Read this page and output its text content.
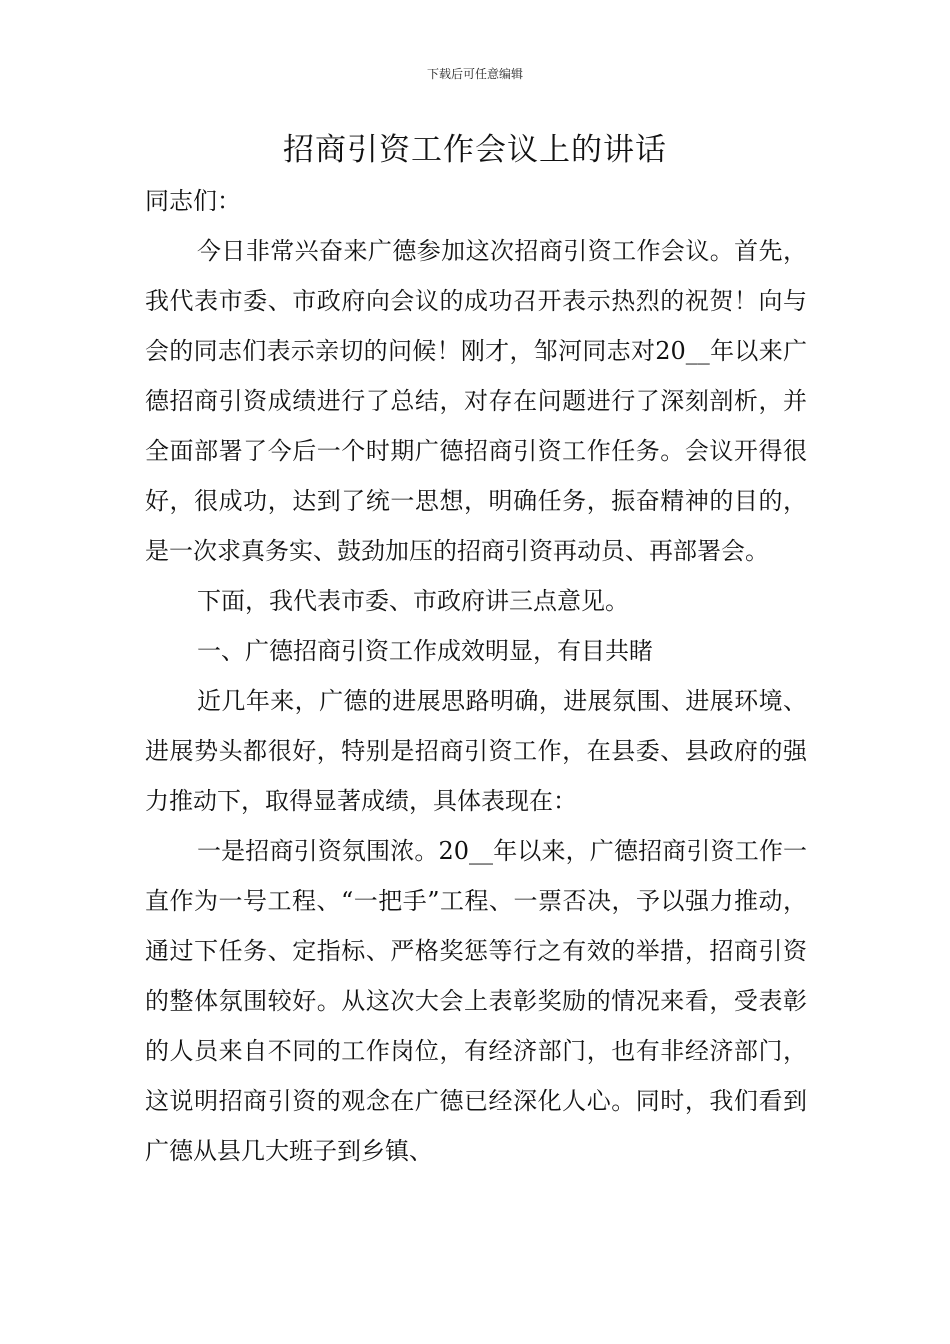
下载后可任意编辑
招商引资工作会议上的讲话

同志们：

今日非常兴奋来广德参加这次招商引资工作会议。首先，我代表市委、市政府向会议的成功召开表示热烈的祝贺！向与会的同志们表示亲切的问候！刚才，邹河同志对20__年以来广德招商引资成绩进行了总结，对存在问题进行了深刻剖析，并全面部署了今后一个时期广德招商引资工作任务。会议开得很好，很成功，达到了统一思想，明确任务，振奋精神的目的，是一次求真务实、鼓劲加压的招商引资再动员、再部署会。

下面，我代表市委、市政府讲三点意见。

一、广德招商引资工作成效明显，有目共睹

近几年来，广德的进展思路明确，进展氛围、进展环境、进展势头都很好，特别是招商引资工作，在县委、县政府的强力推动下，取得显著成绩，具体表现在：

一是招商引资氛围浓。20__年以来，广德招商引资工作一直作为一号工程、“一把手”工程、一票否决，予以强力推动，通过下任务、定指标、严格奖惩等行之有效的举措，招商引资的整体氛围较好。从这次大会上表彰奖励的情况来看，受表彰的人员来自不同的工作岗位，有经济部门，也有非经济部门，这说明招商引资的观念在广德已经深化人心。同时，我们看到广德从县几大班子到乡镇、
